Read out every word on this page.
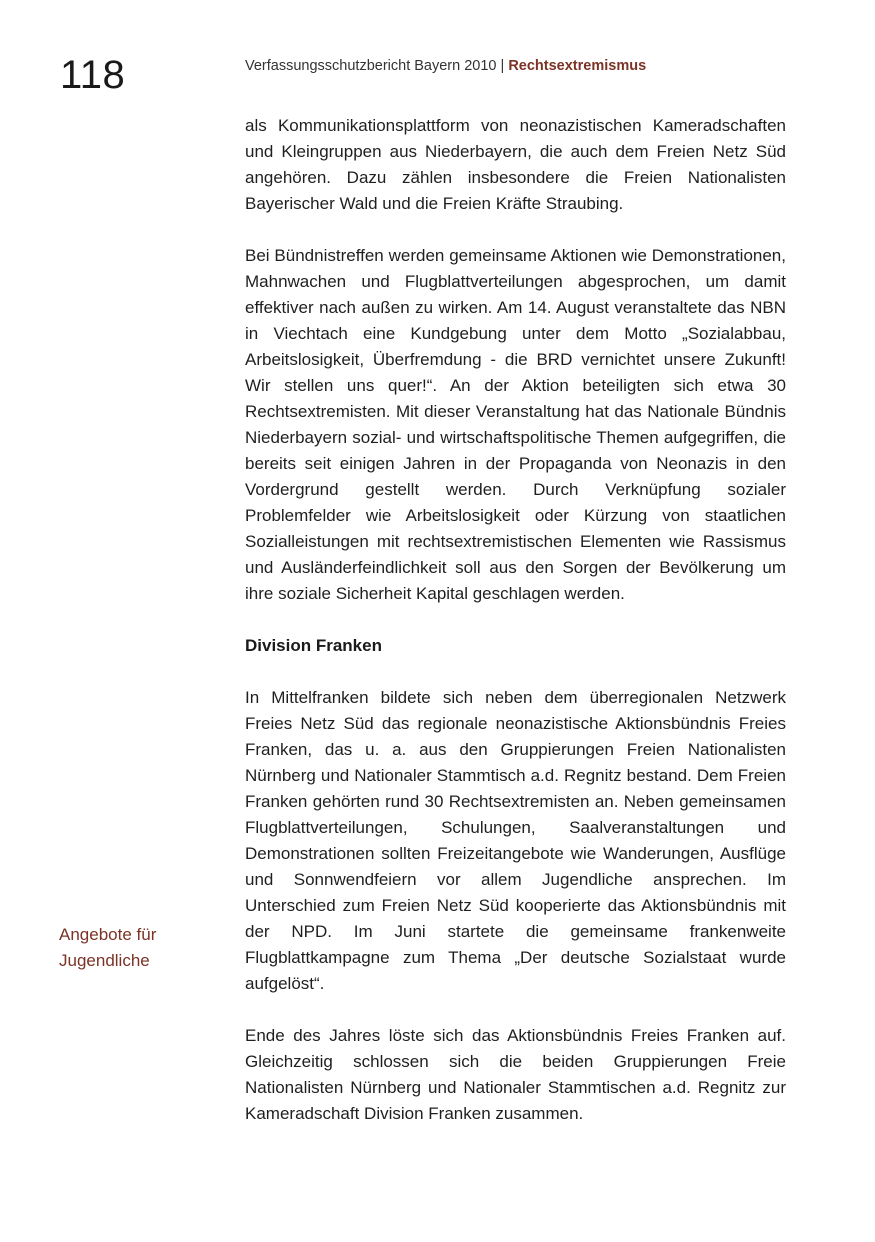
118	Verfassungsschutzbericht Bayern 2010 | Rechtsextremismus
Angebote für
Jugendliche

als Kommunikationsplattform von neonazistischen Kameradschaften und Kleingruppen aus Niederbayern, die auch dem Freien Netz Süd angehören. Dazu zählen insbesondere die Freien Nationalisten Bayerischer Wald und die Freien Kräfte Straubing.

Bei Bündnistreffen werden gemeinsame Aktionen wie Demonstrationen, Mahnwachen und Flugblattverteilungen abgesprochen, um damit effektiver nach außen zu wirken. Am 14. August veranstaltete das NBN in Viechtach eine Kundgebung unter dem Motto „Sozialabbau, Arbeitslosigkeit, Überfremdung - die BRD vernichtet unsere Zukunft! Wir stellen uns quer!“. An der Aktion beteiligten sich etwa 30 Rechtsextremisten. Mit dieser Veranstaltung hat das Nationale Bündnis Niederbayern sozial- und wirtschaftspolitische Themen aufgegriffen, die bereits seit einigen Jahren in der Propaganda von Neonazis in den Vordergrund gestellt werden. Durch Verknüpfung sozialer Problemfelder wie Arbeitslosigkeit oder Kürzung von staatlichen Sozialleistungen mit rechtsextremistischen Elementen wie Rassismus und Ausländerfeindlichkeit soll aus den Sorgen der Bevölkerung um ihre soziale Sicherheit Kapital geschlagen werden.

Division Franken

In Mittelfranken bildete sich neben dem überregionalen Netzwerk Freies Netz Süd das regionale neonazistische Aktionsbündnis Freies Franken, das u. a. aus den Gruppierungen Freien Nationalisten Nürnberg und Nationaler Stammtisch a.d. Regnitz bestand. Dem Freien Franken gehörten rund 30 Rechtsextremisten an. Neben gemeinsamen Flugblattverteilungen, Schulungen, Saalveranstaltungen und Demonstrationen sollten Freizeitangebote wie Wanderungen, Ausflüge und Sonnwendfeiern vor allem Jugendliche ansprechen. Im Unterschied zum Freien Netz Süd kooperierte das Aktionsbündnis mit der NPD. Im Juni startete die gemeinsame frankenweite Flugblattkampagne zum Thema „Der deutsche Sozialstaat wurde aufgelöst“.

Ende des Jahres löste sich das Aktionsbündnis Freies Franken auf. Gleichzeitig schlossen sich die beiden Gruppierungen Freie Nationalisten Nürnberg und Nationaler Stammtischen a.d. Regnitz zur Kameradschaft Division Franken zusammen.
